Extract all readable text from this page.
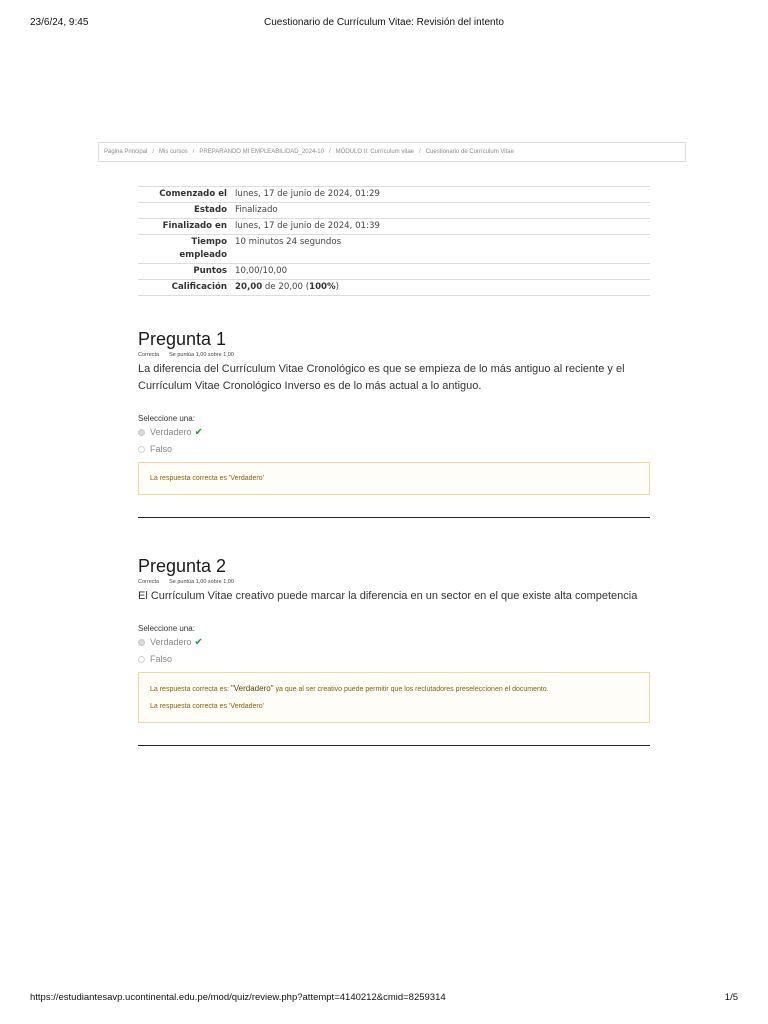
23/6/24, 9:45	Cuestionario de Currículum Vitae: Revisión del intento
Página Principal / Mis cursos / PREPARANDO MI EMPLEABILIDAD_2024-10 / MÓDULO II: Currículum vitae / Cuestionario de Currículum Vitae
Comenzado el	lunes, 17 de junio de 2024, 01:29
Estado	Finalizado
Finalizado en	lunes, 17 de junio de 2024, 01:39
Tiempo
empleado	10 minutos 24 segundos
Puntos	10,00/10,00
Calificación	20,00 de 20,00 (100%)
Pregunta 1
Correcta Se puntúa 1,00 sobre 1,00
La diferencia del Currículum Vitae Cronológico es que se empieza de lo más antiguo al reciente y el Currículum Vitae Cronológico Inverso es de lo más actual a lo antiguo.
Seleccione una:
Verdadero ✔
Falso

La respuesta correcta es 'Verdadero'

Pregunta 2
Correcta Se puntúa 1,00 sobre 1,00
El Currículum Vitae creativo puede marcar la diferencia en un sector en el que existe alta competencia
Seleccione una:
Verdadero ✔
Falso

La respuesta correcta es: "Verdadero" ya que al ser creativo puede permitir que los reclutadores preseleccionen el documento.

La respuesta correcta es 'Verdadero'

https://estudiantesavp.ucontinental.edu.pe/mod/quiz/review.php?attempt=4140212&cmid=8259314	1/5
